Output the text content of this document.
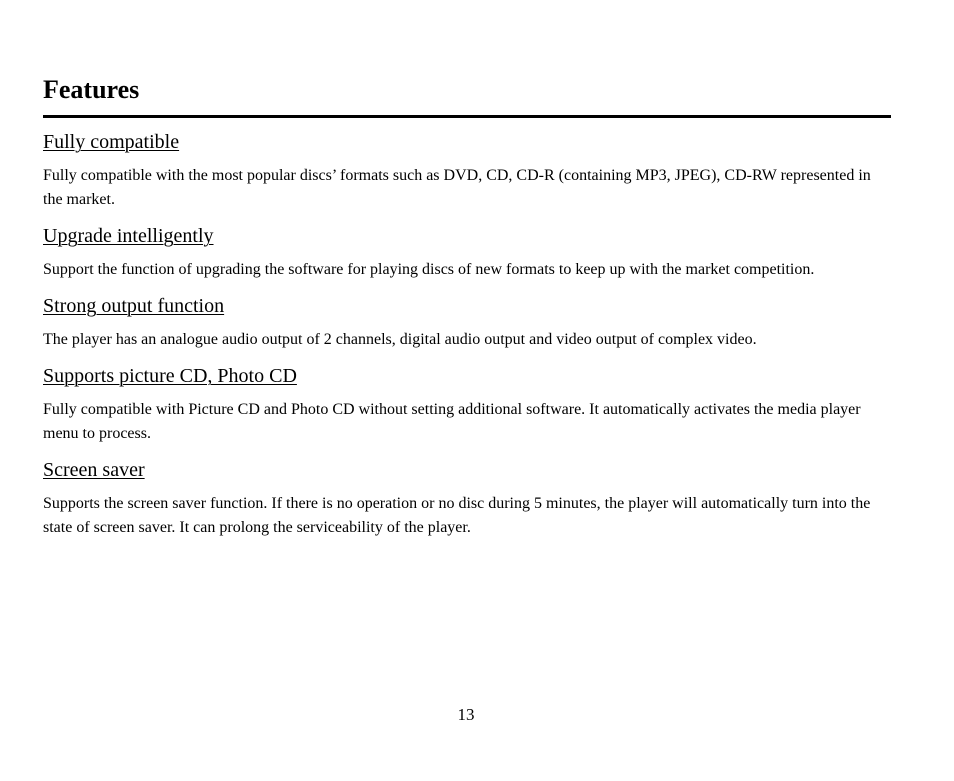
Features
Fully compatible

Fully compatible with the most popular discs’ formats such as DVD, CD, CD-R (containing MP3, JPEG), CD-RW represented in the market.

Upgrade intelligently

Support the function of upgrading the software for playing discs of new formats to keep up with the market competition.

Strong output function

The player has an analogue audio output of 2 channels, digital audio output and video output of complex video.

Supports picture CD, Photo CD

Fully compatible with Picture CD and Photo CD without setting additional software. It automatically activates the media player menu to process.

Screen saver

Supports the screen saver function. If there is no operation or no disc during 5 minutes, the player will automatically turn into the state of screen saver. It can prolong the serviceability of the player.

13
